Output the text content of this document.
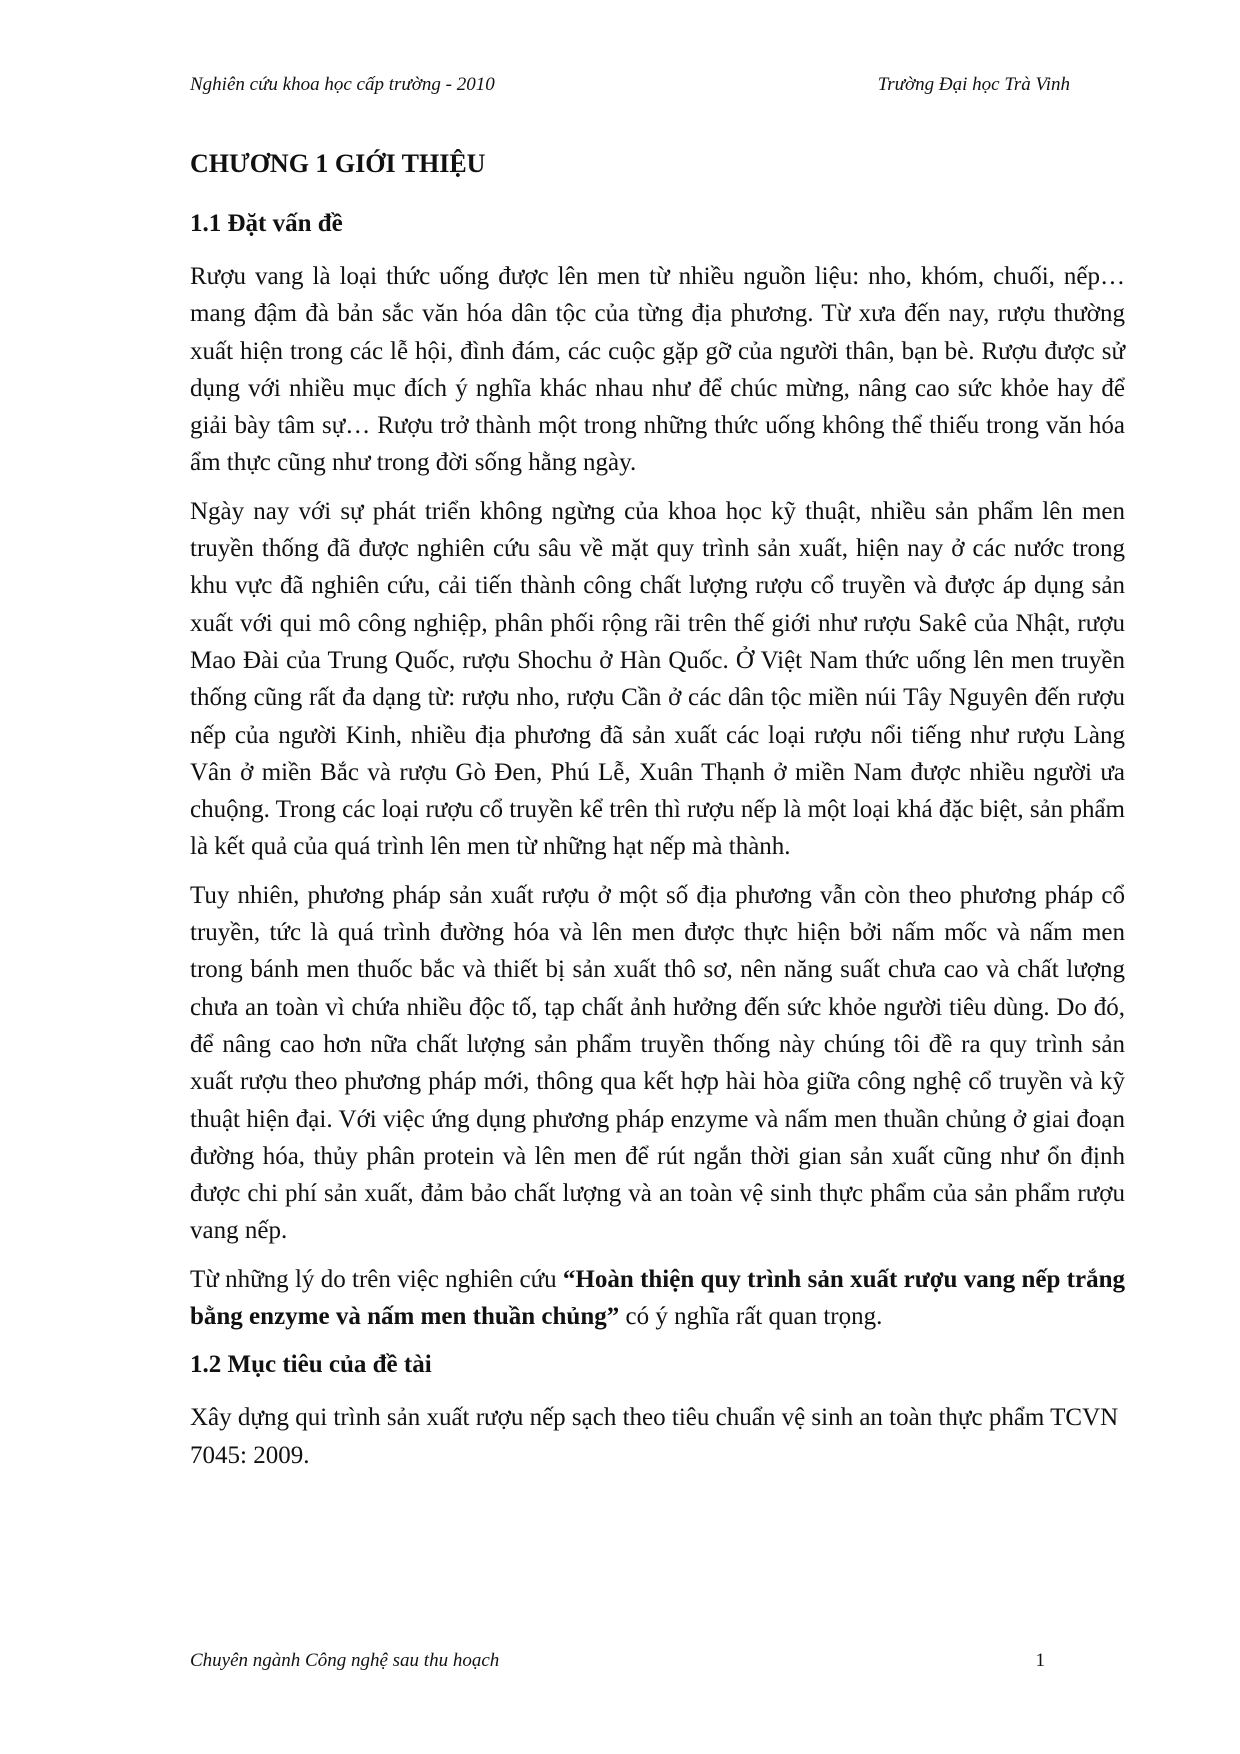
Nghiên cứu khoa học cấp trường - 2010	Trường Đại học Trà Vinh
CHƯƠNG 1 GIỚI THIỆU
1.1 Đặt vấn đề

Rượu vang là loại thức uống được lên men từ nhiều nguồn liệu: nho, khóm, chuối, nếp… mang đậm đà bản sắc văn hóa dân tộc của từng địa phương. Từ xưa đến nay, rượu thường xuất hiện trong các lễ hội, đình đám, các cuộc gặp gỡ của người thân, bạn bè. Rượu được sử dụng với nhiều mục đích ý nghĩa khác nhau như để chúc mừng, nâng cao sức khỏe hay để giải bày tâm sự… Rượu trở thành một trong những thức uống không thể thiếu trong văn hóa ẩm thực cũng như trong đời sống hằng ngày.

Ngày nay với sự phát triển không ngừng của khoa học kỹ thuật, nhiều sản phẩm lên men truyền thống đã được nghiên cứu sâu về mặt quy trình sản xuất, hiện nay ở các nước trong khu vực đã nghiên cứu, cải tiến thành công chất lượng rượu cổ truyền và được áp dụng sản xuất với qui mô công nghiệp, phân phối rộng rãi trên thế giới như rượu Sakê của Nhật, rượu Mao Đài của Trung Quốc, rượu Shochu ở Hàn Quốc. Ở Việt Nam thức uống lên men truyền thống cũng rất đa dạng từ: rượu nho, rượu Cần ở các dân tộc miền núi Tây Nguyên đến rượu nếp của người Kinh, nhiều địa phương đã sản xuất các loại rượu nổi tiếng như rượu Làng Vân ở miền Bắc và rượu Gò Đen, Phú Lễ, Xuân Thạnh ở miền Nam được nhiều người ưa chuộng. Trong các loại rượu cổ truyền kể trên thì rượu nếp là một loại khá đặc biệt, sản phẩm là kết quả của quá trình lên men từ những hạt nếp mà thành.

Tuy nhiên, phương pháp sản xuất rượu ở một số địa phương vẫn còn theo phương pháp cổ truyền, tức là quá trình đường hóa và lên men được thực hiện bởi nấm mốc và nấm men trong bánh men thuốc bắc và thiết bị sản xuất thô sơ, nên năng suất chưa cao và chất lượng chưa an toàn vì chứa nhiều độc tố, tạp chất ảnh hưởng đến sức khỏe người tiêu dùng. Do đó, để nâng cao hơn nữa chất lượng sản phẩm truyền thống này chúng tôi đề ra quy trình sản xuất rượu theo phương pháp mới, thông qua kết hợp hài hòa giữa công nghệ cổ truyền và kỹ thuật hiện đại. Với việc ứng dụng phương pháp enzyme và nấm men thuần chủng ở giai đoạn đường hóa, thủy phân protein và lên men để rút ngắn thời gian sản xuất cũng như ổn định được chi phí sản xuất, đảm bảo chất lượng và an toàn vệ sinh thực phẩm của sản phẩm rượu vang nếp.

Từ những lý do trên việc nghiên cứu “Hoàn thiện quy trình sản xuất rượu vang nếp trắng bằng enzyme và nấm men thuần chủng” có ý nghĩa rất quan trọng.

1.2 Mục tiêu của đề tài

Xây dựng qui trình sản xuất rượu nếp sạch theo tiêu chuẩn vệ sinh an toàn thực phẩm TCVN 7045: 2009.

Chuyên ngành Công nghệ sau thu hoạch	1
